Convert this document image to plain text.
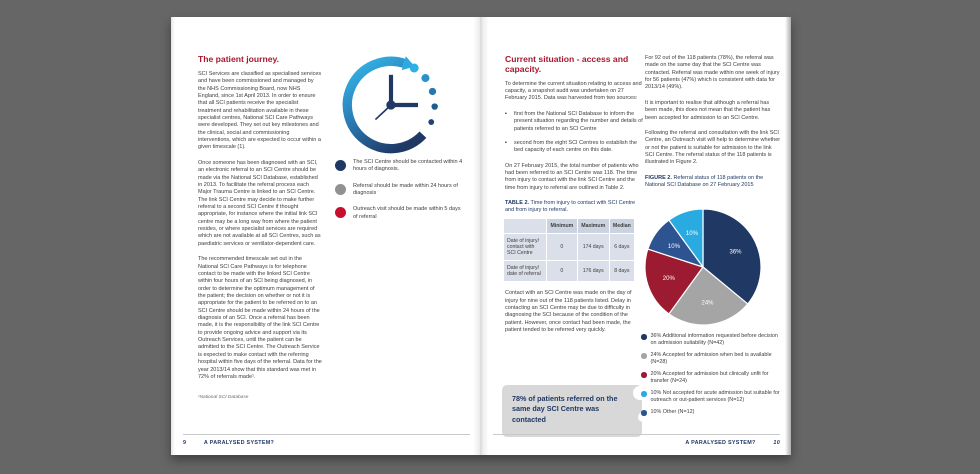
The patient journey.

SCI Services are classified as specialised services and have been commissioned and managed by the NHS Commissioning Board, now NHS England, since 1st April 2013. In order to ensure that all SCI patients receive the specialist treatment and rehabilitation available in these specialist centres, National SCI Care Pathways were developed. They set out key milestones and the clinical, social and commissioning interventions, which are expected to occur within a given timescale (1).

Once someone has been diagnosed with an SCI, an electronic referral to an SCI Centre should be made via the National SCI Database, established in 2013. To facilitate the referral process each Major Trauma Centre is linked to an SCI Centre. The link SCI Centre may decide to make further referral to a second SCI Centre if thought appropriate, for instance where the initial link SCI centre may be a long way from where the patient resides, or where specialist services are required which are not available at all SCI Centres, such as paediatric services or ventilator-dependent care.

The recommended timescale set out in the National SCI Care Pathways is for telephone contact to be made with the linked SCI Centre within four hours of an SCI being diagnosed, in order to determine the optimum management of the patient; the decision on whether or not it is appropriate for the patient to be referred on to an SCI Centre should be made within 24 hours of the diagnosis of an SCI. Once a referral has been made, it is the responsibility of the link SCI Centre to provide ongoing advice and support via its Outreach Services, until the patient can be admitted to the SCI Centre. The Outreach Service is expected to make contact with the referring hospital within five days of the referral. Data for the year 2013/14 show that this standard was met in 72% of referrals made¹.

¹National SCI Database
The SCI Centre should be contacted within 4 hours of diagnosis.
Referral should be made within 24 hours of diagnosis
Outreach visit should be made within 5 days of referral
9	A PARALYSED SYSTEM?
Current situation - access and capacity.

To determine the current situation relating to access and capacity, a snapshot audit was undertaken on 27 February 2015. Data was harvested from two sources:

▪ first from the National SCI Database to inform the present situation regarding the number and details of patients referred to an SCI Centre
▪ second from the eight SCI Centres to establish the bed capacity of each centre on this date.

On 27 February 2015, the total number of patients who had been referred to an SCI Centre was 118. The time from injury to contact with the link SCI Centre and the time from injury to referral are outlined in Table 2.

TABLE 2. Time from injury to contact with SCI Centre and from injury to referral.

	Minimum	Maximum	Median
Date of injury/ contact with SCI Centre	0	174 days	6 days
Date of injury/ date of referral	0	176 days	8 days

Contact with an SCI Centre was made on the day of injury for nine out of the 118 patients listed. Delay in contacting an SCI Centre may be due to difficulty in diagnosing the SCI because of the condition of the patient. However, once contact had been made, the patient tended to be referred very quickly.

78% of patients referred on the same day SCI Centre was contacted

For 92 out of the 118 patients (78%), the referral was made on the same day that the SCI Centre was contacted. Referral was made within one week of injury for 56 patients (47%) which is consistent with data for 2013/14 (49%).

It is important to realise that although a referral has been made, this does not mean that the patient has been accepted for admission to an SCI Centre.

Following the referral and consultation with the link SCI Centre, an Outreach visit will help to determine whether or not the patient is suitable for admission to the link SCI Centre. The referral status of the 118 patients is illustrated in Figure 2.

FIGURE 2. Referral status of 118 patients on the National SCI Database on 27 February 2015

36%
24%
20%
10%
10%
36% Additional information requested before decision on admission suitability (N=42)
24% Accepted for admission when bed is available (N=28)
20% Accepted for admission but clinically unfit for transfer (N=24)
10% Not accepted for acute admission but suitable for outreach or out-patient services (N=12)
10% Other (N=12)
A PARALYSED SYSTEM?	10
